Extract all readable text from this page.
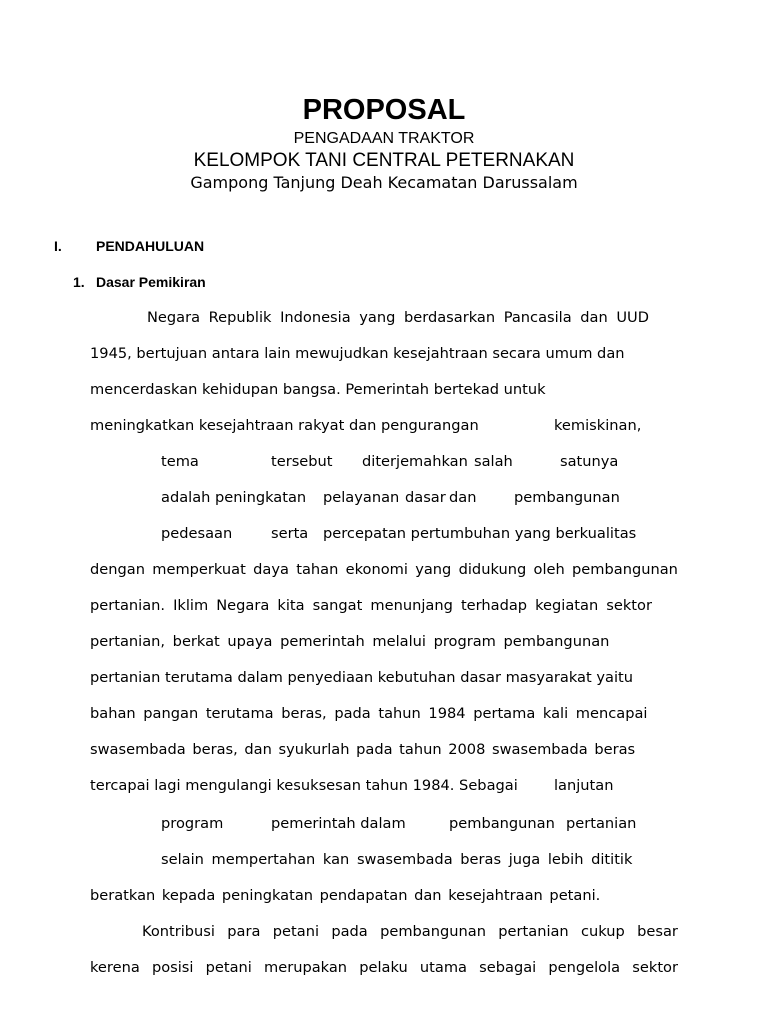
PROPOSAL
PENGADAAN TRAKTOR
KELOMPOK TANI CENTRAL PETERNAKAN
Gampong Tanjung Deah Kecamatan Darussalam
I. PENDAHULUAN
1. Dasar Pemikiran
Negara Republik Indonesia yang berdasarkan Pancasila dan UUD
1945, bertujuan antara lain mewujudkan kesejahtraan secara umum dan
mencerdaskan kehidupan bangsa. Pemerintah bertekad untuk
meningkatkan kesejahtraan rakyat dan pengurangan	kemiskinan,
tema	tersebut diterjemahkan salah	satunya
adalah peningkatan pelayanan dasar dan	pembangunan
pedesaan	serta percepatan pertumbuhan yang berkualitas
dengan memperkuat daya tahan ekonomi yang didukung oleh pembangunan
pertanian. Iklim Negara kita sangat menunjang terhadap kegiatan sektor
pertanian, berkat upaya pemerintah melalui program pembangunan
pertanian terutama dalam penyediaan kebutuhan dasar masyarakat yaitu
bahan pangan terutama beras, pada tahun 1984 pertama kali mencapai
swasembada beras, dan syukurlah pada tahun 2008 swasembada beras
tercapai lagi mengulangi kesuksesan tahun 1984. Sebagai lanjutan
program	pemerintah dalam	pembangunan pertanian
selain mempertahan kan swasembada beras juga lebih dititik
beratkan kepada peningkatan pendapatan dan kesejahtraan petani.
Kontribusi para petani pada pembangunan pertanian cukup besar
kerena posisi petani merupakan pelaku utama sebagai pengelola sektor
